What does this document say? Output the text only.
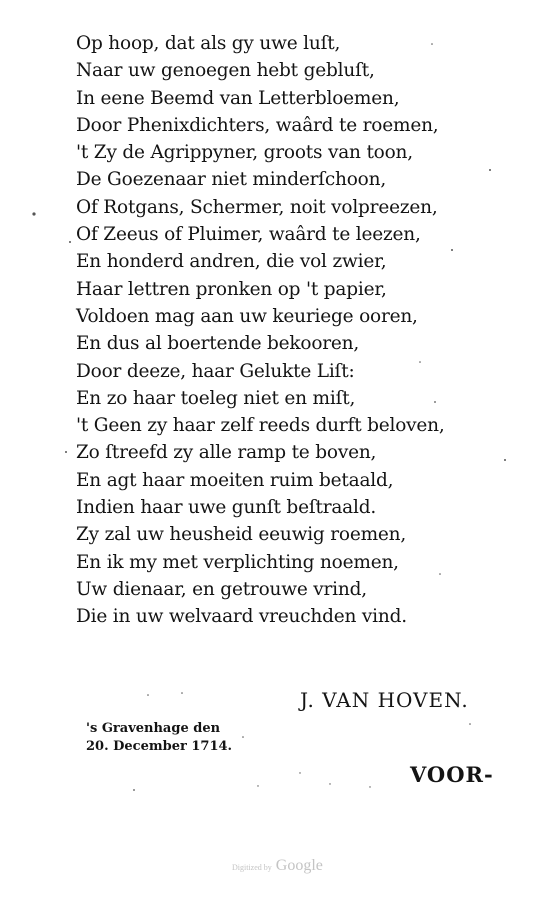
Op hoop, dat als gy uwe luſt,
Naar uw genoegen hebt gebluſt,
In eene Beemd van Letterbloemen,
Door Phenixdichters, waârd te roemen,
't Zy de Agrippyner, groots van toon,
De Goezenaar niet minderſchoon,
Of Rotgans, Schermer, noit volpreezen,
Of Zeeus of Pluimer, waârd te leezen,
En honderd andren, die vol zwier,
Haar lettren pronken op 't papier,
Voldoen mag aan uw keuriege ooren,
En dus al boertende bekooren,
Door deeze, haar Gelukte Liſt:
En zo haar toeleg niet en miſt,
't Geen zy haar zelf reeds durft beloven,
Zo ſtreefd zy alle ramp te boven,
En agt haar moeiten ruim betaald,
Indien haar uwe gunſt beſtraald.
Zy zal uw heusheid eeuwig roemen,
En ik my met verplichting noemen,
Uw dienaar, en getrouwe vrind,
Die in uw welvaard vreuchden vind.
J. VAN HOVEN.
's Gravenhage den
20. December 1714.
VOOR-
Digitized by Google
